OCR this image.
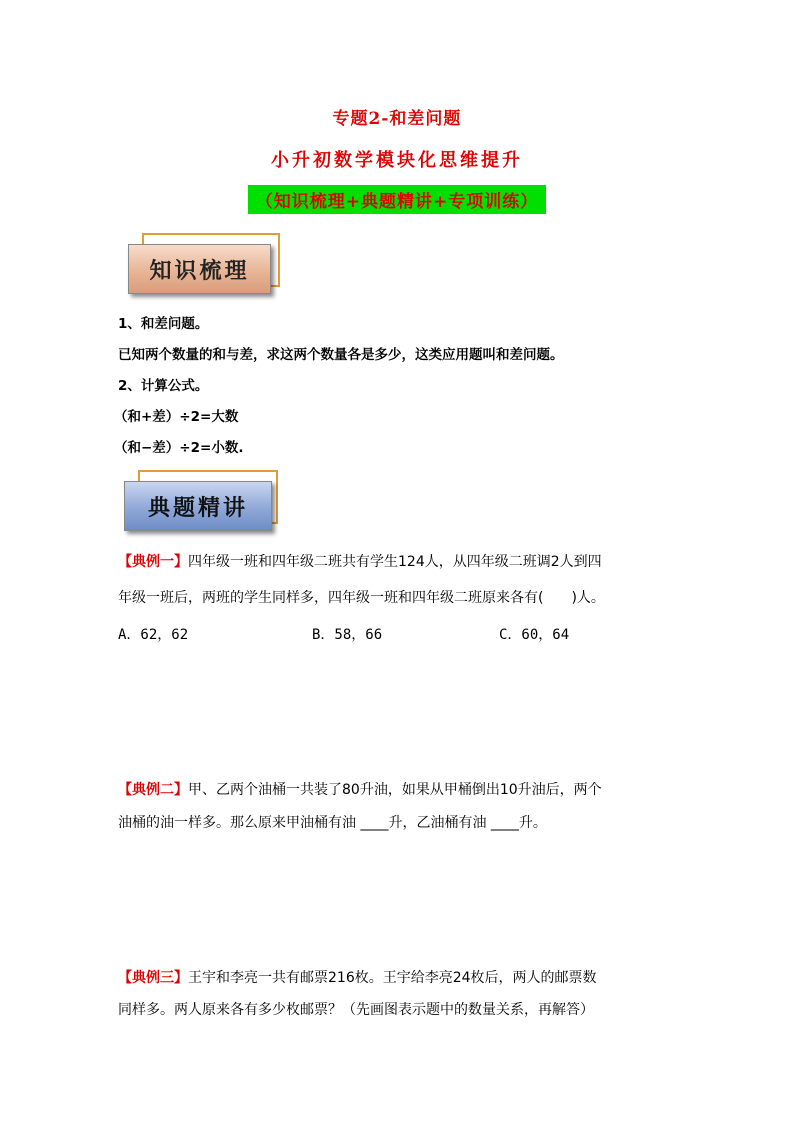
专题2-和差问题
小升初数学模块化思维提升
（知识梳理+典题精讲+专项训练）
知识梳理
1、和差问题。
已知两个数量的和与差，求这两个数量各是多少，这类应用题叫和差问题。
2、计算公式。
（和+差）÷2=大数
（和−差）÷2=小数.
典题精讲
【典例一】四年级一班和四年级二班共有学生124人，从四年级二班调2人到四
年级一班后，两班的学生同样多，四年级一班和四年级二班原来各有(　　)人。
A．62，62	B．58，66	C．60，64
【典例二】甲、乙两个油桶一共装了80升油，如果从甲桶倒出10升油后，两个
油桶的油一样多。那么原来甲油桶有油 ____升，乙油桶有油 ____升。
【典例三】王宇和李亮一共有邮票216枚。王宇给李亮24枚后，两人的邮票数
同样多。两人原来各有多少枚邮票？（先画图表示题中的数量关系，再解答）
